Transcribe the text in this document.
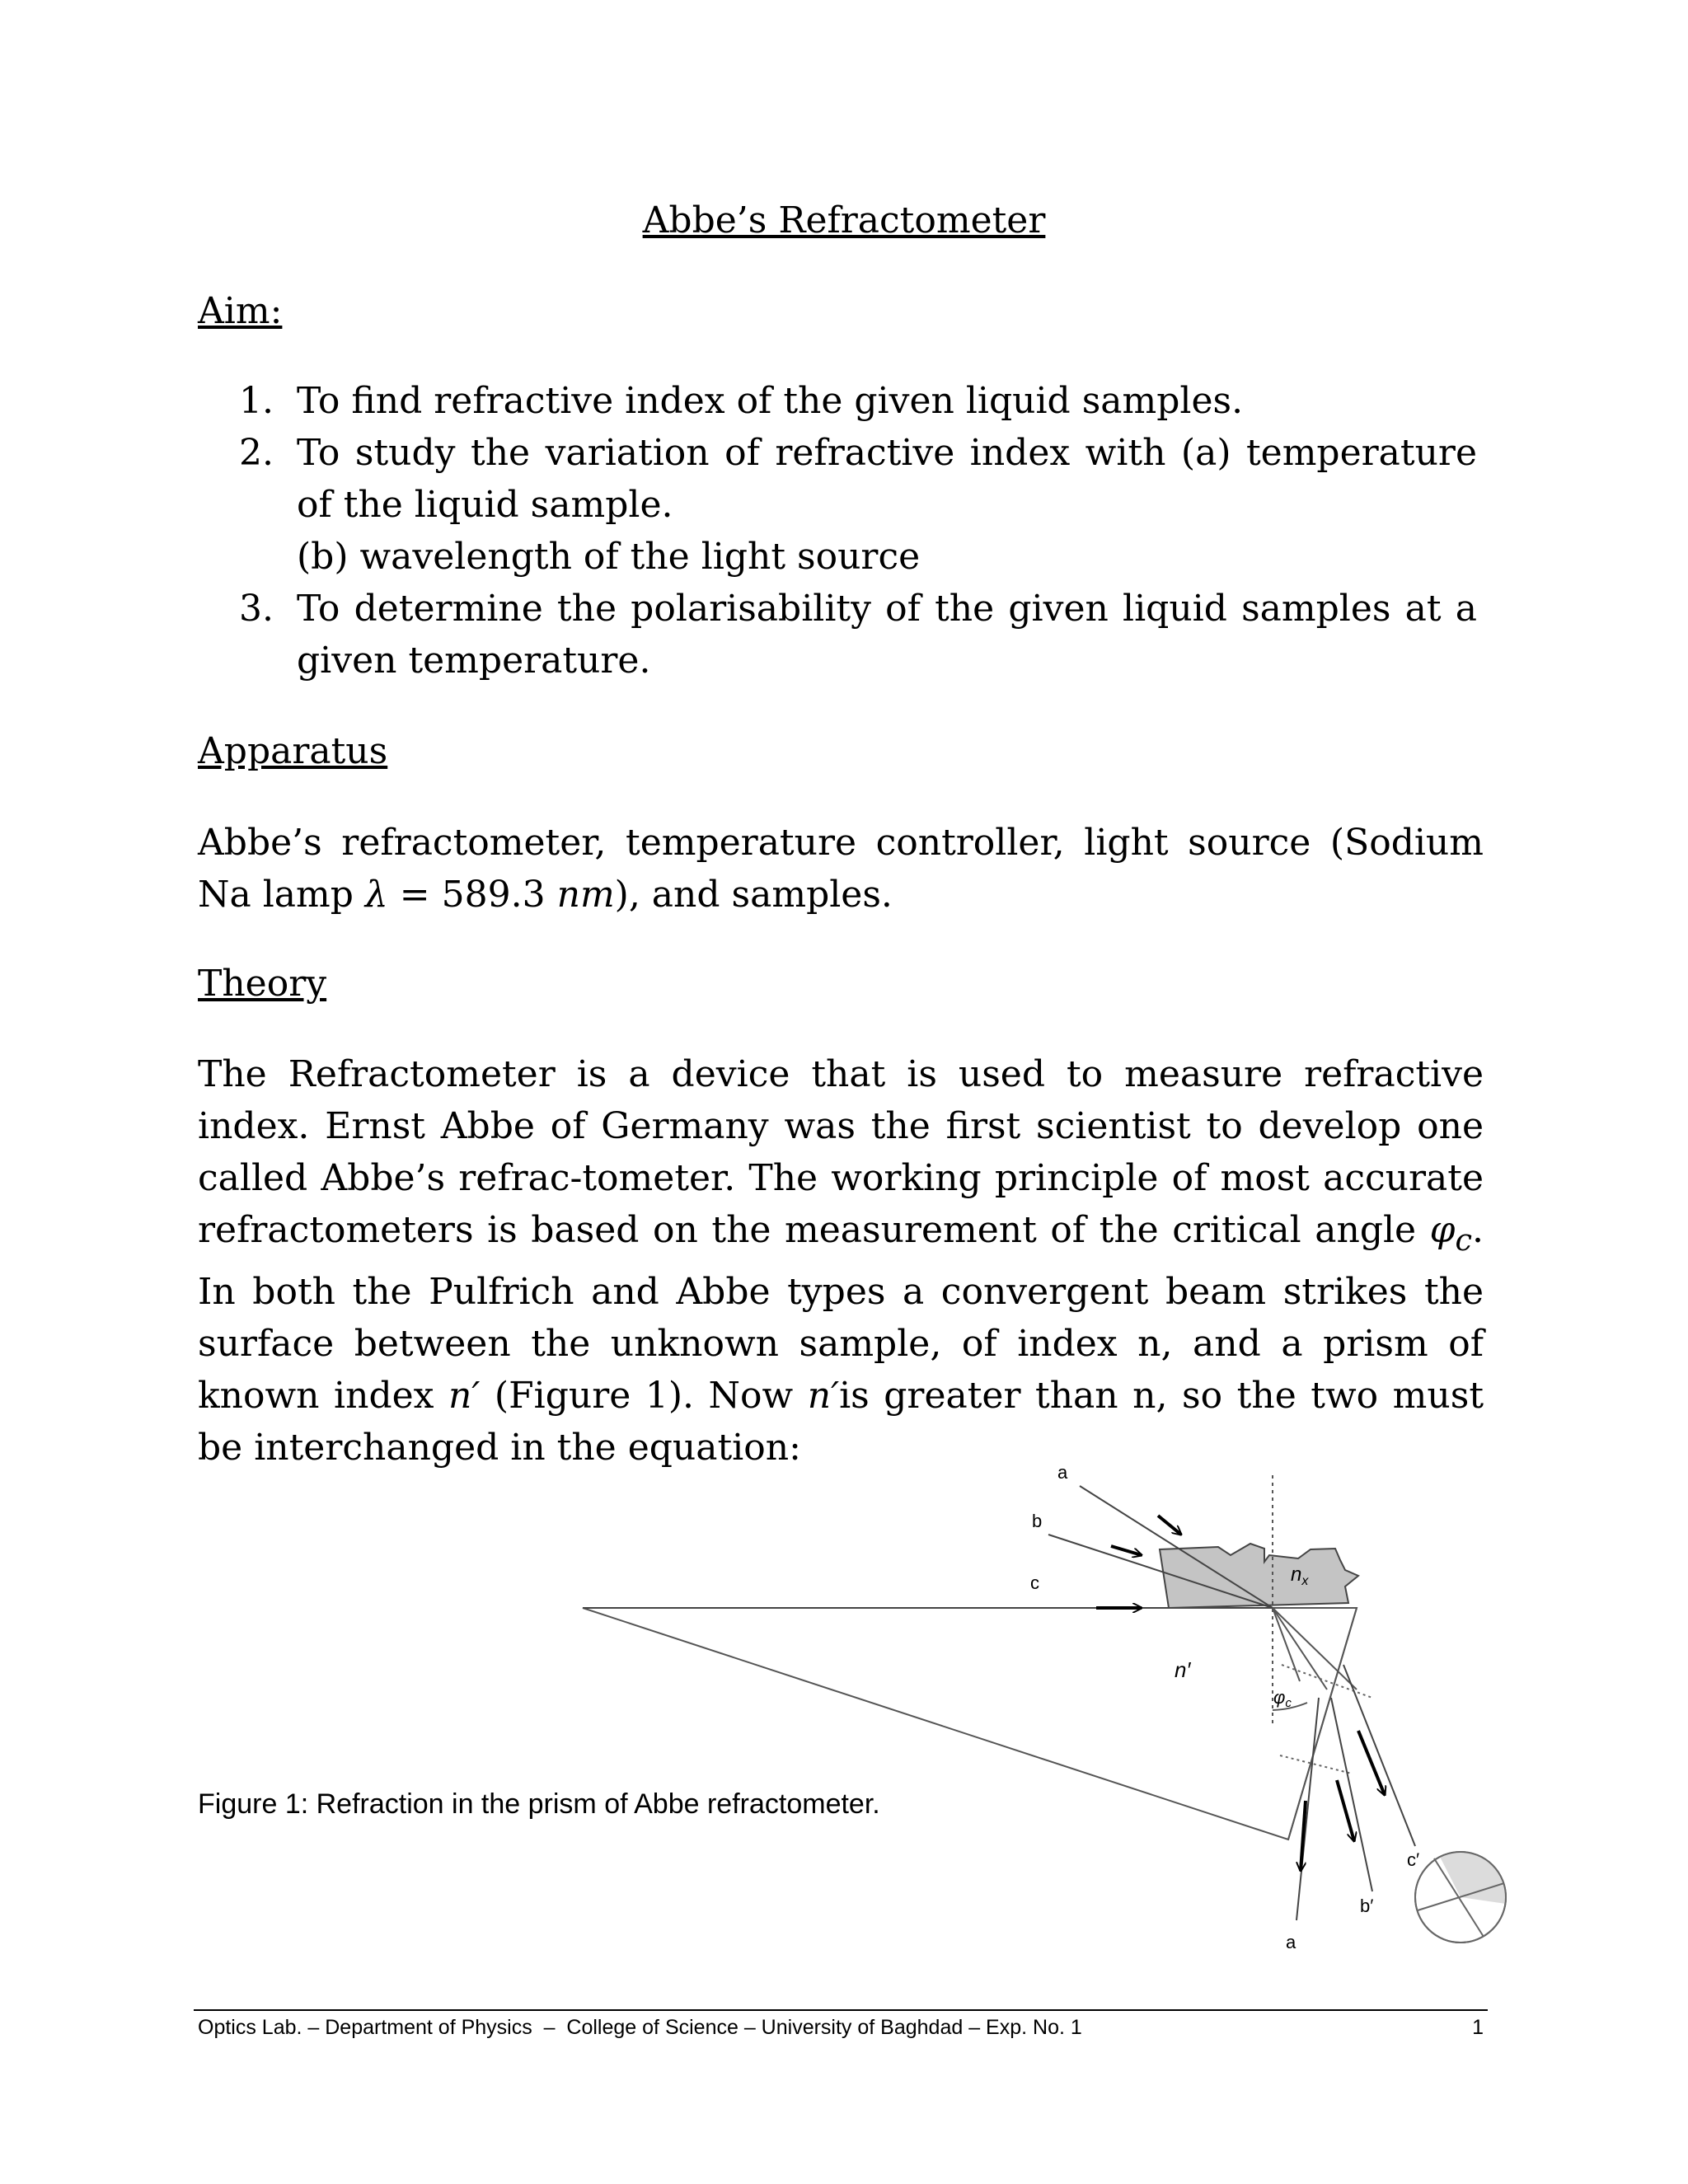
Abbe’s Refractometer
Aim:
1. To find refractive index of the given liquid samples.
2. To study the variation of refractive index with (a) temperature of the liquid sample.
(b) wavelength of the light source
3. To determine the polarisability of the given liquid samples at a given temperature.
Apparatus
Abbe’s refractometer, temperature controller, light source (Sodium Na lamp λ = 589.3 nm), and samples.
Theory
The Refractometer is a device that is used to measure refractive index. Ernst Abbe of Germany was the first scientist to develop one called Abbe’s refrac-tometer. The working principle of most accurate refractometers is based on the measurement of the critical angle $\varphi_c$. In both the Pulfrich and Abbe types a convergent beam strikes the surface between the unknown sample, of index n, and a prism of known index n′ (Figure 1). Now n′is greater than n, so the two must be interchanged in the equation:
a
b
c	$n_x$
n′
φc
a
b′
c′
Figure 1: Refraction in the prism of Abbe refractometer.
Optics Lab. – Department of Physics  –  College of Science – University of Baghdad – Exp. No. 1	1
